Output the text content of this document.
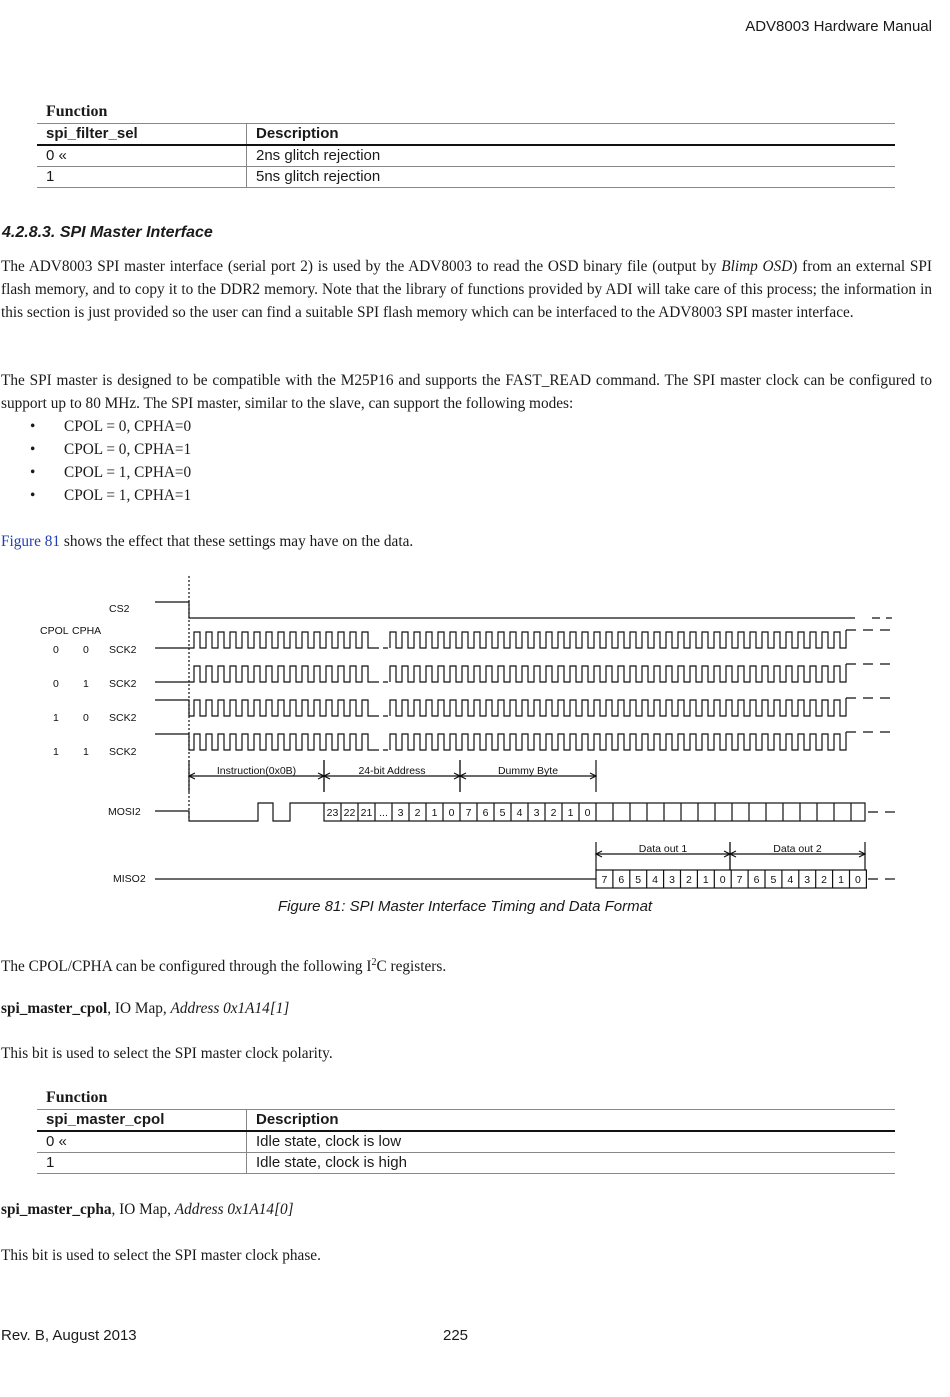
ADV8003 Hardware Manual
Function
spi_filter_sel	Description
0 «	2ns glitch rejection
1	5ns glitch rejection
4.2.8.3. SPI Master Interface
The ADV8003 SPI master interface (serial port 2) is used by the ADV8003 to read the OSD binary file (output by Blimp OSD) from an external SPI flash memory, and to copy it to the DDR2 memory. Note that the library of functions provided by ADI will take care of this process; the information in this section is just provided so the user can find a suitable SPI flash memory which can be interfaced to the ADV8003 SPI master interface.
The SPI master is designed to be compatible with the M25P16 and supports the FAST_READ command. The SPI master clock can be configured to support up to 80 MHz. The SPI master, similar to the slave, can support the following modes:
• CPOL = 0, CPHA=0
• CPOL = 0, CPHA=1
• CPOL = 1, CPHA=0
• CPOL = 1, CPHA=1
Figure 81 shows the effect that these settings may have on the data.
CS2
CPOL CPHA
0 0 SCK2
0 1 SCK2
1 0 SCK2
1 1 SCK2
Instruction(0x0B)	24-bit Address	Dummy Byte
MOSI2	23 22 21 ... 3 2 1 0 7 6 5 4 3 2 1 0
Data out 1	Data out 2
MISO2	7 6 5 4 3 2 1 0 7 6 5 4 3 2 1 0
Figure 81: SPI Master Interface Timing and Data Format
The CPOL/CPHA can be configured through the following $I^2C$ registers.
spi_master_cpol, IO Map, Address 0x1A14[1]
This bit is used to select the SPI master clock polarity.
Function
spi_master_cpol	Description
0 «	Idle state, clock is low
1	Idle state, clock is high
spi_master_cpha, IO Map, Address 0x1A14[0]
This bit is used to select the SPI master clock phase.
Rev. B, August 2013	225
